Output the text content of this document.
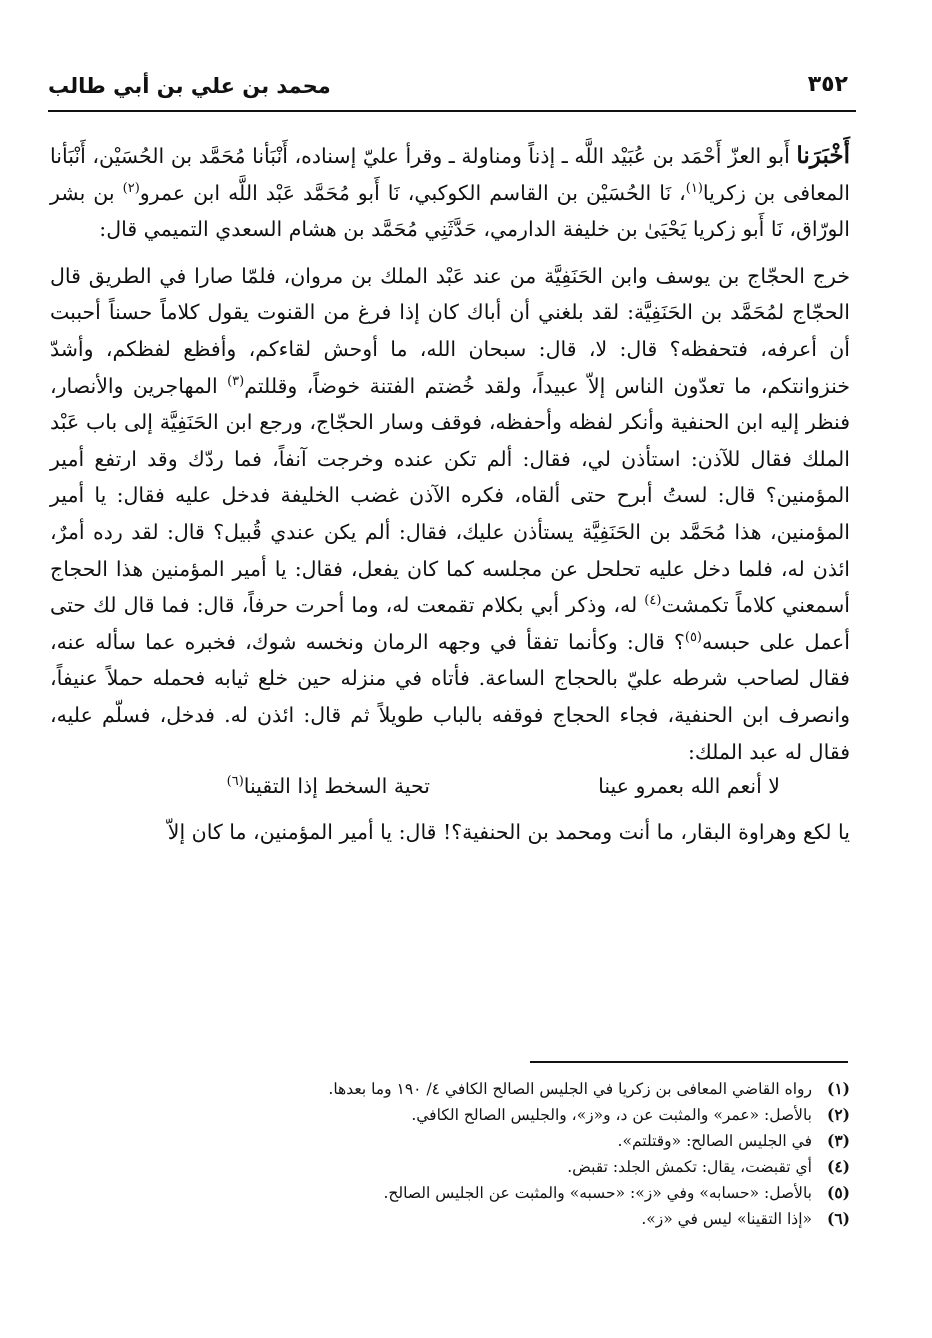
محمد بن علي بن أبي طالب	٣٥٢

أَخْبَرَنا أَبو العزّ أَحْمَد بن عُبَيْد اللَّه ـ إذناً ومناولة ـ وقرأ عليّ إسناده، أَنْبَأنا مُحَمَّد بن الحُسَيْن، أَنْبَأنا المعافى بن زكريا$^{(١)}$، نَا الحُسَيْن بن القاسم الكوكبي، نَا أَبو مُحَمَّد عَبْد اللَّه ابن عمرو$^{(٢)}$ بن بشر الورّاق، نَا أَبو زكريا يَحْيَىٰ بن خليفة الدارمي، حَدَّثَنِي مُحَمَّد بن هشام السعدي التميمي قال:

خرج الحجّاج بن يوسف وابن الحَنَفِيَّة من عند عَبْد الملك بن مروان، فلمّا صارا في الطريق قال الحجّاج لمُحَمَّد بن الحَنَفِيَّة: لقد بلغني أن أباك كان إذا فرغ من القنوت يقول كلاماً حسناً أحببت أن أعرفه، فتحفظه؟ قال: لا، قال: سبحان الله، ما أوحش لقاءكم، وأفظع لفظكم، وأشدّ خنزوانتكم، ما تعدّون الناس إلاّ عبيداً، ولقد خُضتم الفتنة خوضاً، وقللتم$^{(٣)}$ المهاجرين والأنصار، فنظر إليه ابن الحنفية وأنكر لفظه وأحفظه، فوقف وسار الحجّاج، ورجع ابن الحَنَفِيَّة إلى باب عَبْد الملك فقال للآذن: استأذن لي، فقال: ألم تكن عنده وخرجت آنفاً، فما ردّك وقد ارتفع أمير المؤمنين؟ قال: لستُ أبرح حتى ألقاه، فكره الآذن غضب الخليفة فدخل عليه فقال: يا أمير المؤمنين، هذا مُحَمَّد بن الحَنَفِيَّة يستأذن عليك، فقال: ألم يكن عندي قُبيل؟ قال: لقد رده أمرٌ، ائذن له، فلما دخل عليه تحلحل عن مجلسه كما كان يفعل، فقال: يا أمير المؤمنين هذا الحجاج أسمعني كلاماً تكمشت$^{(٤)}$ له، وذكر أبي بكلام تقمعت له، وما أحرت حرفاً، قال: فما قال لك حتى أعمل على حبسه$^{(٥)}$؟ قال: وكأنما تفقأ في وجهه الرمان ونخسه شوك، فخبره عما سأله عنه، فقال لصاحب شرطه عليّ بالحجاج الساعة. فأتاه في منزله حين خلع ثيابه فحمله حملاً عنيفاً، وانصرف ابن الحنفية، فجاء الحجاج فوقفه بالباب طويلاً ثم قال: ائذن له. فدخل، فسلّم عليه، فقال له عبد الملك:

لا أنعم الله بعمرو عينا
تحية السخط إذا التقينا$^{(٦)}$

يا لكع وهراوة البقار، ما أنت ومحمد بن الحنفية؟! قال: يا أمير المؤمنين، ما كان إلاّ

(١)
رواه القاضي المعافى بن زكريا في الجليس الصالح الكافي ٤/ ١٩٠ وما بعدها.
(٢)
بالأصل: «عمر» والمثبت عن د، و«ز»، والجليس الصالح الكافي.
(٣)
في الجليس الصالح: «وقتلتم».
(٤)
أي تقبضت، يقال: تكمش الجلد: تقبض.
(٥)
بالأصل: «حسابه» وفي «ز»: «حسبه» والمثبت عن الجليس الصالح.
(٦)
«إذا التقينا» ليس في «ز».
